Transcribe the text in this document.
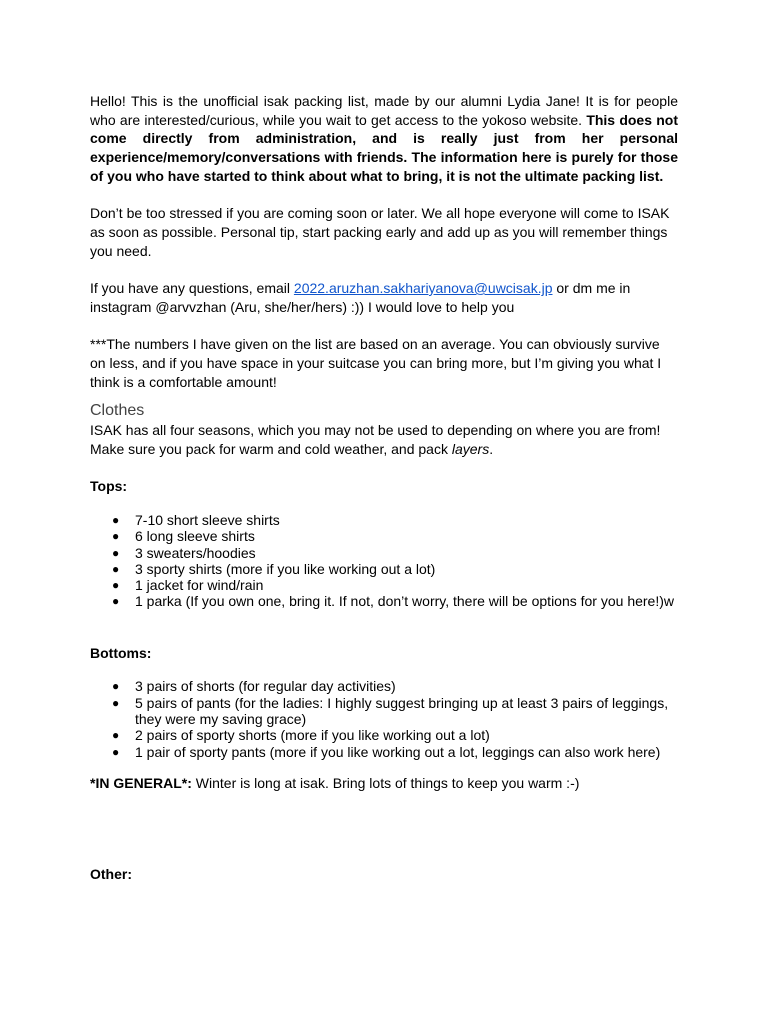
Hello! This is the unofficial isak packing list, made by our alumni Lydia Jane! It is for people who are interested/curious, while you wait to get access to the yokoso website. This does not come directly from administration, and is really just from her personal experience/memory/conversations with friends. The information here is purely for those of you who have started to think about what to bring, it is not the ultimate packing list.

Don’t be too stressed if you are coming soon or later. We all hope everyone will come to ISAK as soon as possible. Personal tip, start packing early and add up as you will remember things you need.

If you have any questions, email 2022.aruzhan.sakhariyanova@uwcisak.jp or dm me in instagram @arvvzhan (Aru, she/her/hers) :)) I would love to help you

***The numbers I have given on the list are based on an average. You can obviously survive on less, and if you have space in your suitcase you can bring more, but I’m giving you what I think is a comfortable amount!

Clothes

ISAK has all four seasons, which you may not be used to depending on where you are from! Make sure you pack for warm and cold weather, and pack layers.

Tops:

● 7-10 short sleeve shirts
● 6 long sleeve shirts
● 3 sweaters/hoodies
● 3 sporty shirts (more if you like working out a lot)
● 1 jacket for wind/rain
● 1 parka (If you own one, bring it. If not, don’t worry, there will be options for you here!)w

Bottoms:

● 3 pairs of shorts (for regular day activities)
● 5 pairs of pants (for the ladies: I highly suggest bringing up at least 3 pairs of leggings, they were my saving grace)
● 2 pairs of sporty shorts (more if you like working out a lot)
● 1 pair of sporty pants (more if you like working out a lot, leggings can also work here)

*IN GENERAL*: Winter is long at isak. Bring lots of things to keep you warm :-)

Other:
